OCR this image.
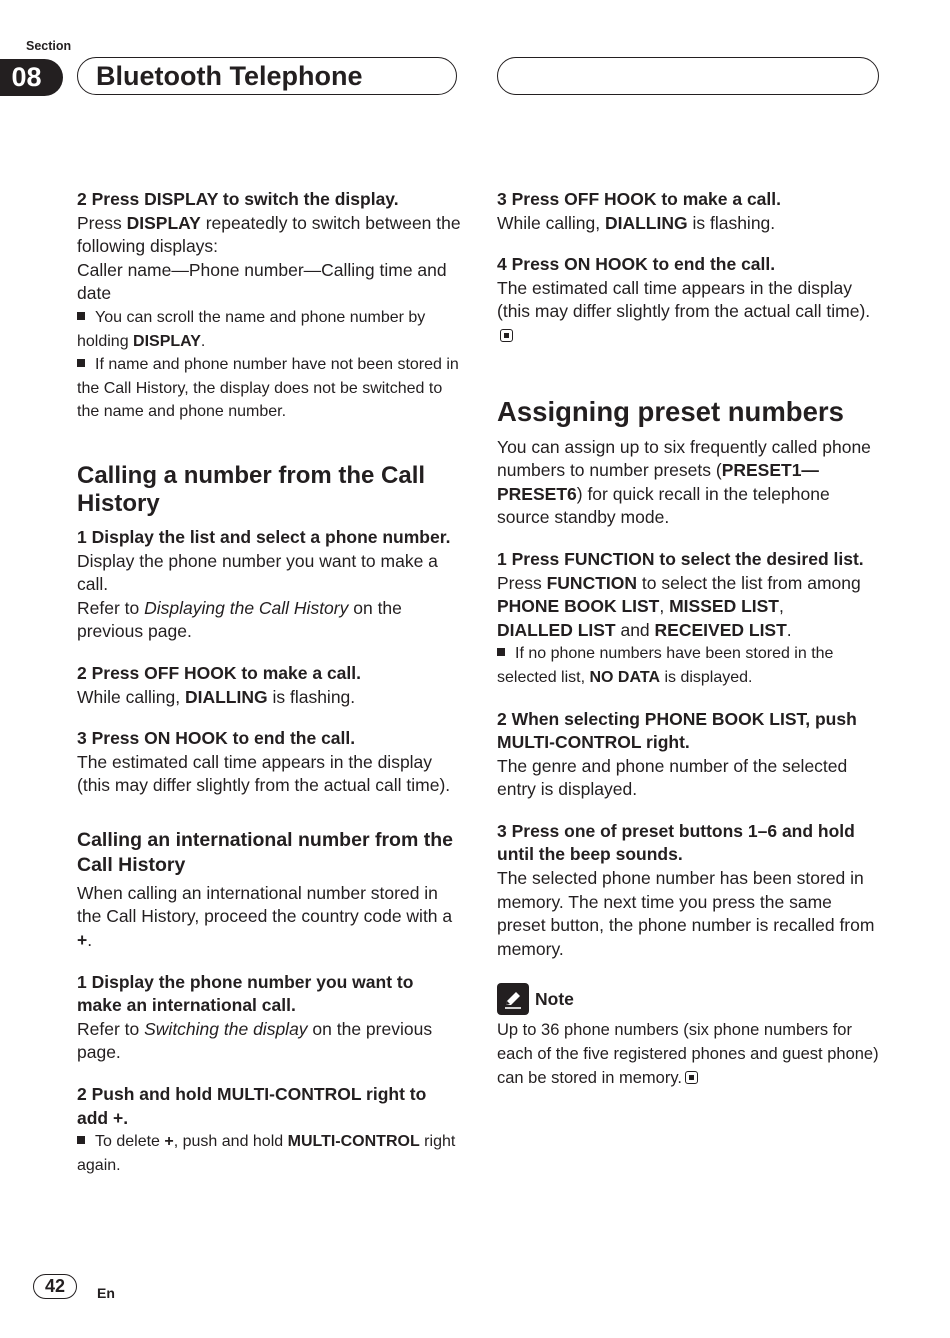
Section
08	Bluetooth Telephone

2 Press DISPLAY to switch the display.

Press DISPLAY repeatedly to switch between the following displays:

Caller name—Phone number—Calling time and date

You can scroll the name and phone number by holding DISPLAY.

If name and phone number have not been stored in the Call History, the display does not be switched to the name and phone number.

Calling a number from the Call History

1 Display the list and select a phone number.

Display the phone number you want to make a call.

Refer to Displaying the Call History on the previous page.

2 Press OFF HOOK to make a call.

While calling, DIALLING is flashing.

3 Press ON HOOK to end the call.

The estimated call time appears in the display (this may differ slightly from the actual call time).

Calling an international number from the Call History

When calling an international number stored in the Call History, proceed the country code with a +.

1 Display the phone number you want to make an international call.

Refer to Switching the display on the previous page.

2 Push and hold MULTI-CONTROL right to add +.

To delete +, push and hold MULTI-CONTROL right again.

3 Press OFF HOOK to make a call.

While calling, DIALLING is flashing.

4 Press ON HOOK to end the call.

The estimated call time appears in the display (this may differ slightly from the actual call time).

Assigning preset numbers

You can assign up to six frequently called phone numbers to number presets (PRESET1—PRESET6) for quick recall in the telephone source standby mode.

1 Press FUNCTION to select the desired list.

Press FUNCTION to select the list from among PHONE BOOK LIST, MISSED LIST,
DIALLED LIST and RECEIVED LIST.

If no phone numbers have been stored in the selected list, NO DATA is displayed.

2 When selecting PHONE BOOK LIST, push MULTI-CONTROL right.

The genre and phone number of the selected entry is displayed.

3 Press one of preset buttons 1–6 and hold until the beep sounds.

The selected phone number has been stored in memory. The next time you press the same preset button, the phone number is recalled from memory.

Note

Up to 36 phone numbers (six phone numbers for each of the five registered phones and guest phone) can be stored in memory.

42	En
